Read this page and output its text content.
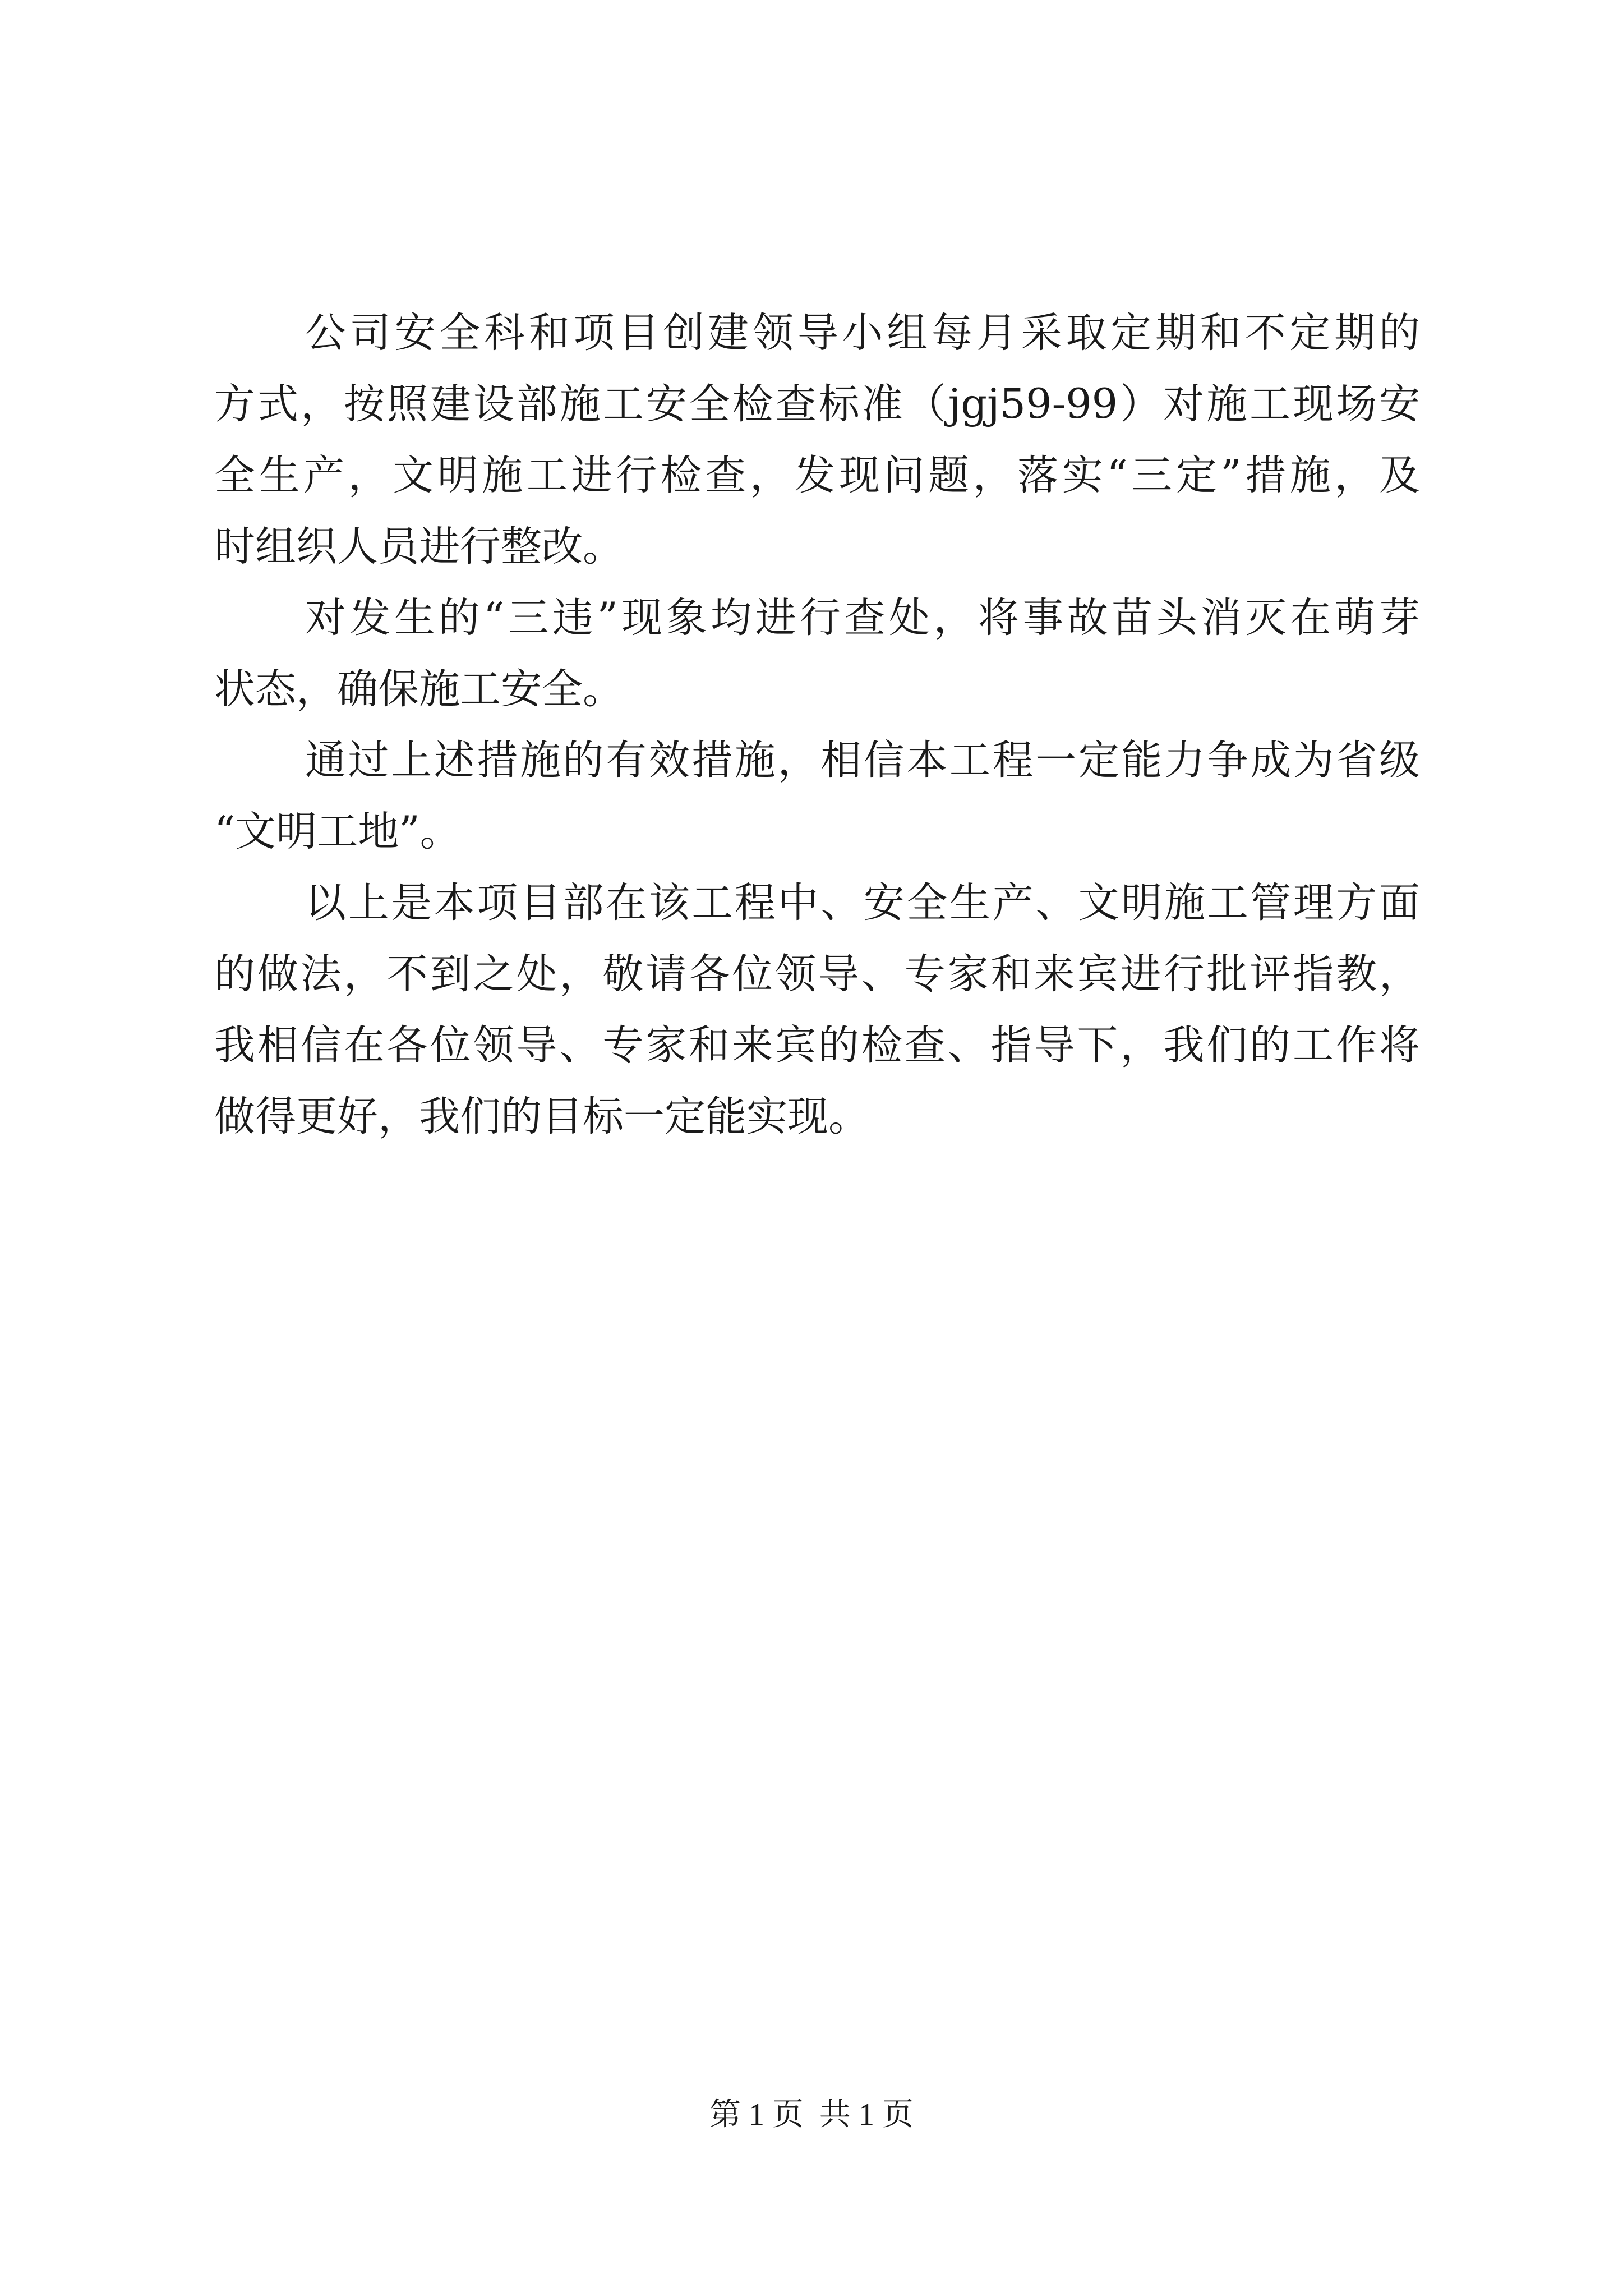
公司安全科和项目创建领导小组每月采取定期和不定期的
方式，按照建设部施工安全检查标准（jgj59-99）对施工现场安
全生产，文明施工进行检查，发现问题，落实“三定”措施，及
时组织人员进行整改。
对发生的“三违”现象均进行查处，将事故苗头消灭在萌芽
状态，确保施工安全。
通过上述措施的有效措施，相信本工程一定能力争成为省级
“文明工地”。
以上是本项目部在该工程中、安全生产、文明施工管理方面
的做法，不到之处，敬请各位领导、专家和来宾进行批评指教，
我相信在各位领导、专家和来宾的检查、指导下，我们的工作将
做得更好，我们的目标一定能实现。
第 1 页  共 1 页
